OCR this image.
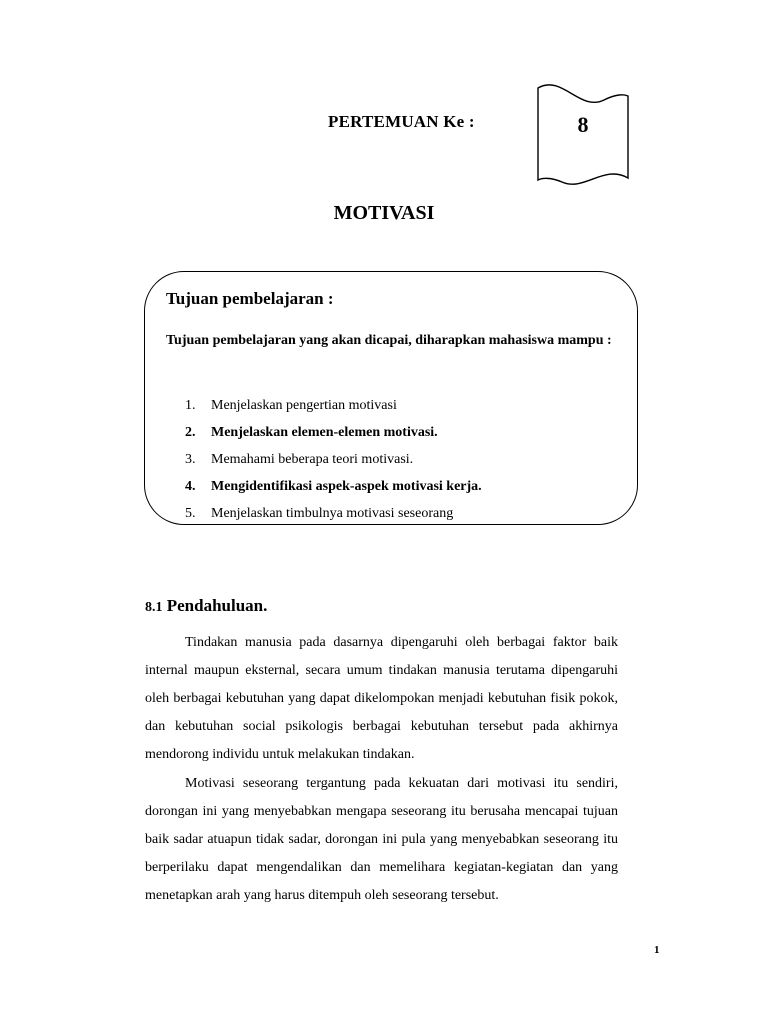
PERTEMUAN Ke :	8
MOTIVASI
Tujuan pembelajaran :
Tujuan pembelajaran yang akan dicapai, diharapkan mahasiswa mampu :
1. Menjelaskan pengertian motivasi
2. Menjelaskan elemen-elemen motivasi.
3. Memahami beberapa teori motivasi.
4. Mengidentifikasi aspek-aspek motivasi kerja.
5. Menjelaskan timbulnya motivasi seseorang
8.1 Pendahuluan.

Tindakan manusia pada dasarnya dipengaruhi oleh berbagai faktor baik internal maupun eksternal, secara umum tindakan manusia terutama dipengaruhi oleh berbagai kebutuhan yang dapat dikelompokan menjadi kebutuhan fisik pokok, dan kebutuhan social psikologis berbagai kebutuhan tersebut pada akhirnya mendorong individu untuk melakukan tindakan.

Motivasi seseorang tergantung pada kekuatan dari motivasi itu sendiri, dorongan ini yang menyebabkan mengapa seseorang itu berusaha mencapai tujuan baik sadar atuapun tidak sadar, dorongan ini pula yang menyebabkan seseorang itu berperilaku dapat mengendalikan dan memelihara kegiatan-kegiatan dan yang menetapkan arah yang harus ditempuh oleh seseorang tersebut.

1
